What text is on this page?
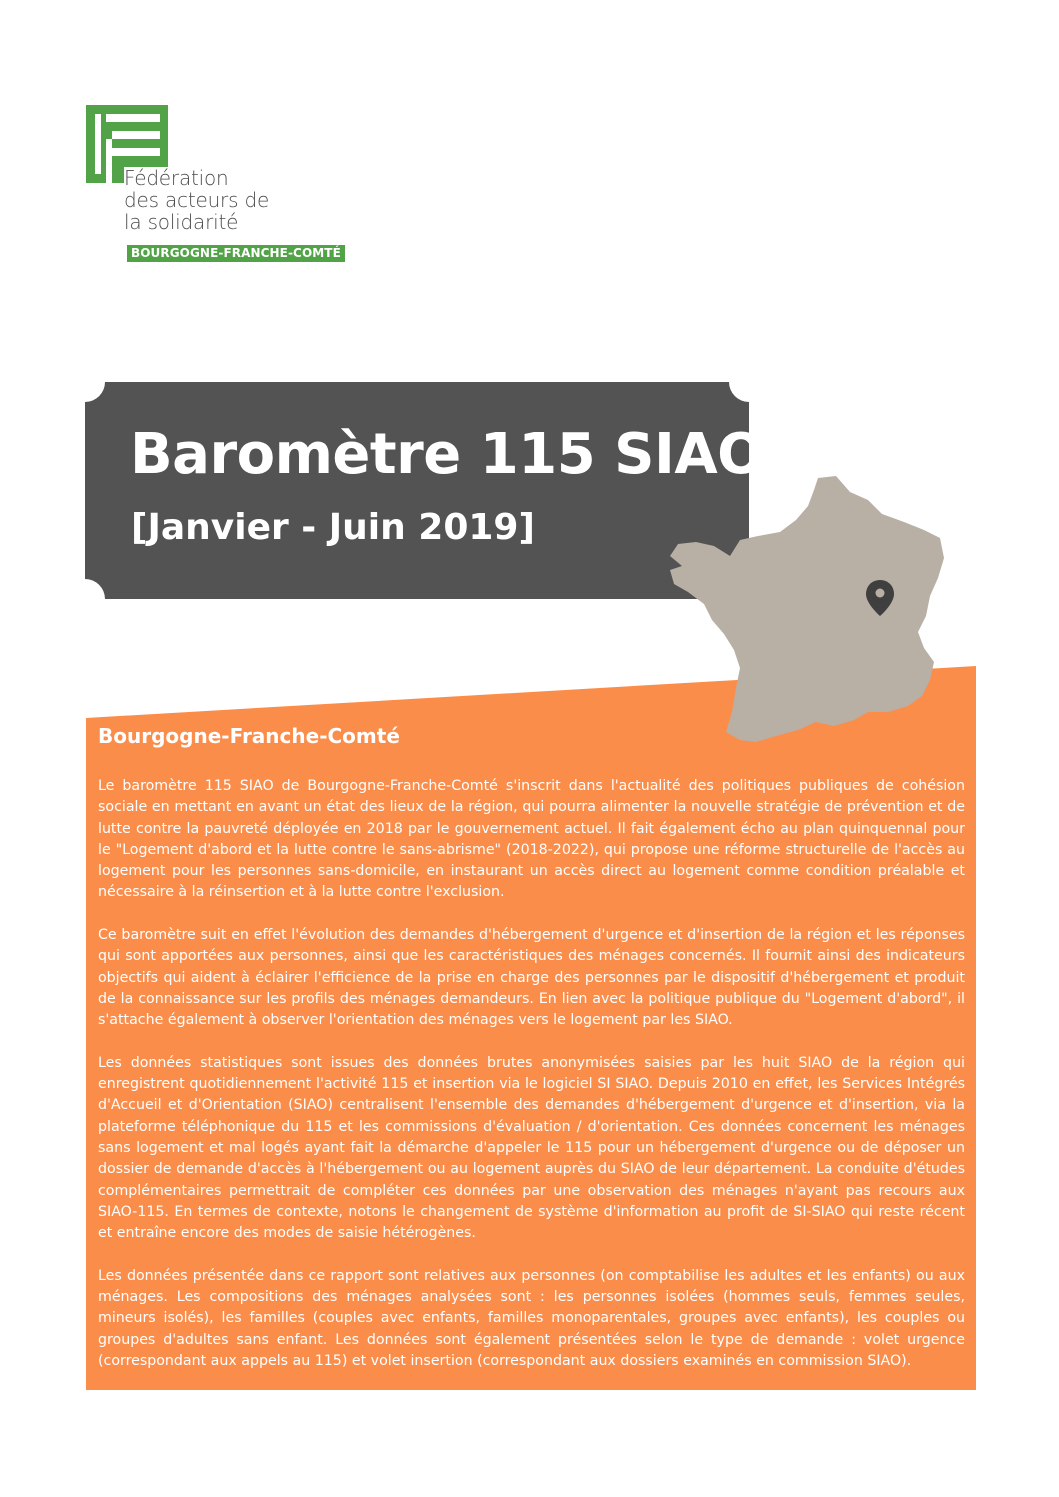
Fédération
des acteurs de
la solidarité
BOURGOGNE-FRANCHE-COMTÉ
Baromètre 115 SIAO
[Janvier - Juin 2019]
Bourgogne-Franche-Comté

Le baromètre 115 SIAO de Bourgogne-Franche-Comté s'inscrit dans l'actualité des politiques publiques de cohésion sociale en mettant en avant un état des lieux de la région, qui pourra alimenter la nouvelle stratégie de prévention et de lutte contre la pauvreté déployée en 2018 par le gouvernement actuel. Il fait également écho au plan quinquennal pour le "Logement d'abord et la lutte contre le sans-abrisme" (2018-2022), qui propose une réforme structurelle de l'accès au logement pour les personnes sans-domicile, en instaurant un accès direct au logement comme condition préalable et nécessaire à la réinsertion et à la lutte contre l'exclusion.

Ce baromètre suit en effet l'évolution des demandes d'hébergement d'urgence et d'insertion de la région et les réponses qui sont apportées aux personnes, ainsi que les caractéristiques des ménages concernés. Il fournit ainsi des indicateurs objectifs qui aident à éclairer l'efficience de la prise en charge des personnes par le dispositif d'hébergement et produit de la connaissance sur les profils des ménages demandeurs. En lien avec la politique publique du "Logement d'abord", il s'attache également à observer l'orientation des ménages vers le logement par les SIAO.

Les données statistiques sont issues des données brutes anonymisées saisies par les huit SIAO de la région qui enregistrent quotidiennement l'activité 115 et insertion via le logiciel SI SIAO. Depuis 2010 en effet, les Services Intégrés d'Accueil et d'Orientation (SIAO) centralisent l'ensemble des demandes d'hébergement d'urgence et d'insertion, via la plateforme téléphonique du 115 et les commissions d'évaluation / d'orientation. Ces données concernent les ménages sans logement et mal logés ayant fait la démarche d'appeler le 115 pour un hébergement d'urgence ou de déposer un dossier de demande d'accès à l'hébergement ou au logement auprès du SIAO de leur département. La conduite d'études complémentaires permettrait de compléter ces données par une observation des ménages n'ayant pas recours aux SIAO-115. En termes de contexte, notons le changement de système d'information au profit de SI-SIAO qui reste récent et entraîne encore des modes de saisie hétérogènes.

Les données présentée dans ce rapport sont relatives aux personnes (on comptabilise les adultes et les enfants) ou aux ménages. Les compositions des ménages analysées sont : les personnes isolées (hommes seuls, femmes seules, mineurs isolés), les familles (couples avec enfants, familles monoparentales, groupes avec enfants), les couples ou groupes d'adultes sans enfant. Les données sont également présentées selon le type de demande : volet urgence (correspondant aux appels au 115) et volet insertion (correspondant aux dossiers examinés en commission SIAO).
